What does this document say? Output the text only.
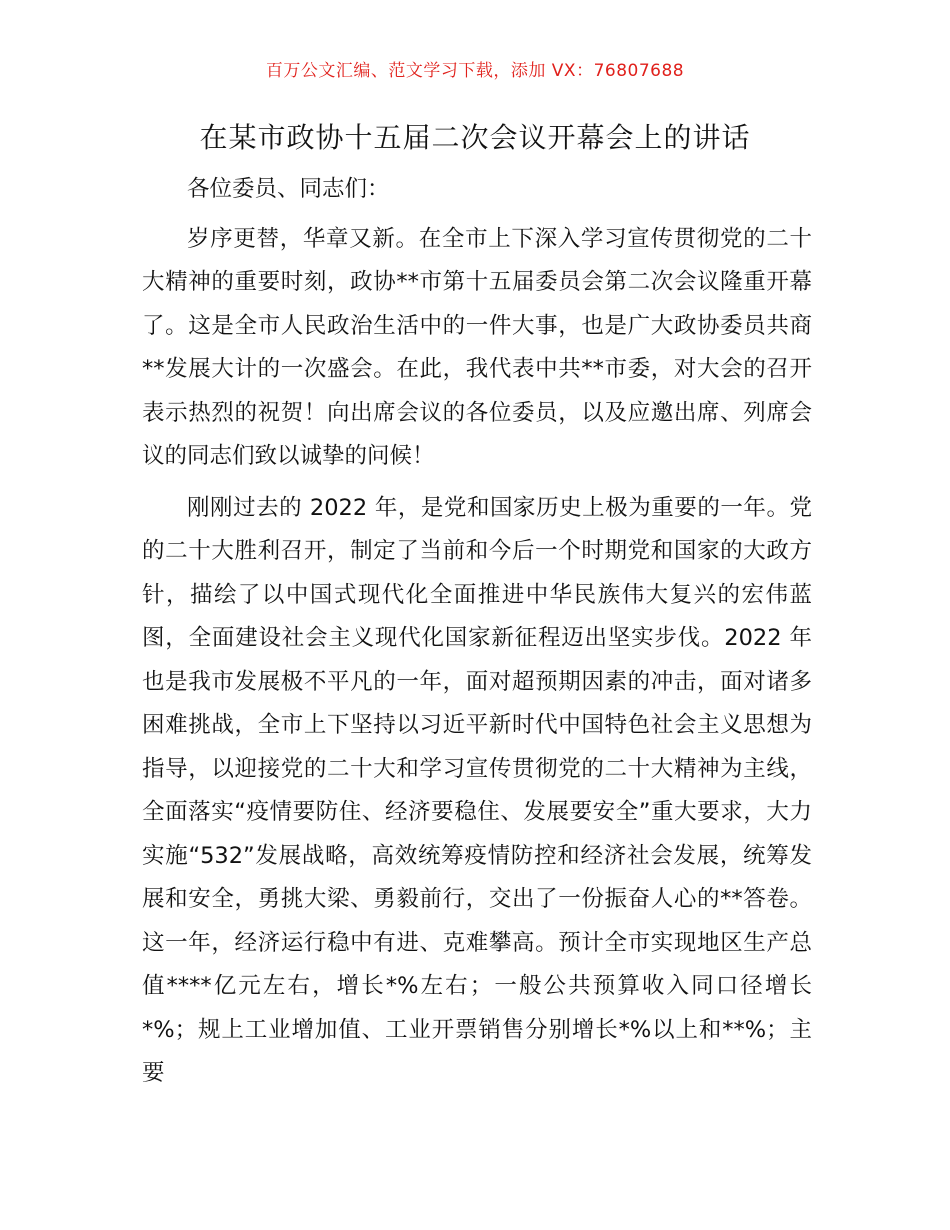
百万公文汇编、范文学习下载，添加 VX：76807688
在某市政协十五届二次会议开幕会上的讲话

各位委员、同志们：

岁序更替，华章又新。在全市上下深入学习宣传贯彻党的二十大精神的重要时刻，政协**市第十五届委员会第二次会议隆重开幕了。这是全市人民政治生活中的一件大事，也是广大政协委员共商**发展大计的一次盛会。在此，我代表中共**市委，对大会的召开表示热烈的祝贺！向出席会议的各位委员，以及应邀出席、列席会议的同志们致以诚挚的问候！

刚刚过去的 2022 年，是党和国家历史上极为重要的一年。党的二十大胜利召开，制定了当前和今后一个时期党和国家的大政方针，描绘了以中国式现代化全面推进中华民族伟大复兴的宏伟蓝图，全面建设社会主义现代化国家新征程迈出坚实步伐。2022 年也是我市发展极不平凡的一年，面对超预期因素的冲击，面对诸多困难挑战，全市上下坚持以习近平新时代中国特色社会主义思想为指导，以迎接党的二十大和学习宣传贯彻党的二十大精神为主线，全面落实“疫情要防住、经济要稳住、发展要安全”重大要求，大力实施“532”发展战略，高效统筹疫情防控和经济社会发展，统筹发展和安全，勇挑大梁、勇毅前行，交出了一份振奋人心的**答卷。这一年，经济运行稳中有进、克难攀高。预计全市实现地区生产总值****亿元左右，增长*%左右；一般公共预算收入同口径增长*%；规上工业增加值、工业开票销售分别增长*%以上和**%；主要
